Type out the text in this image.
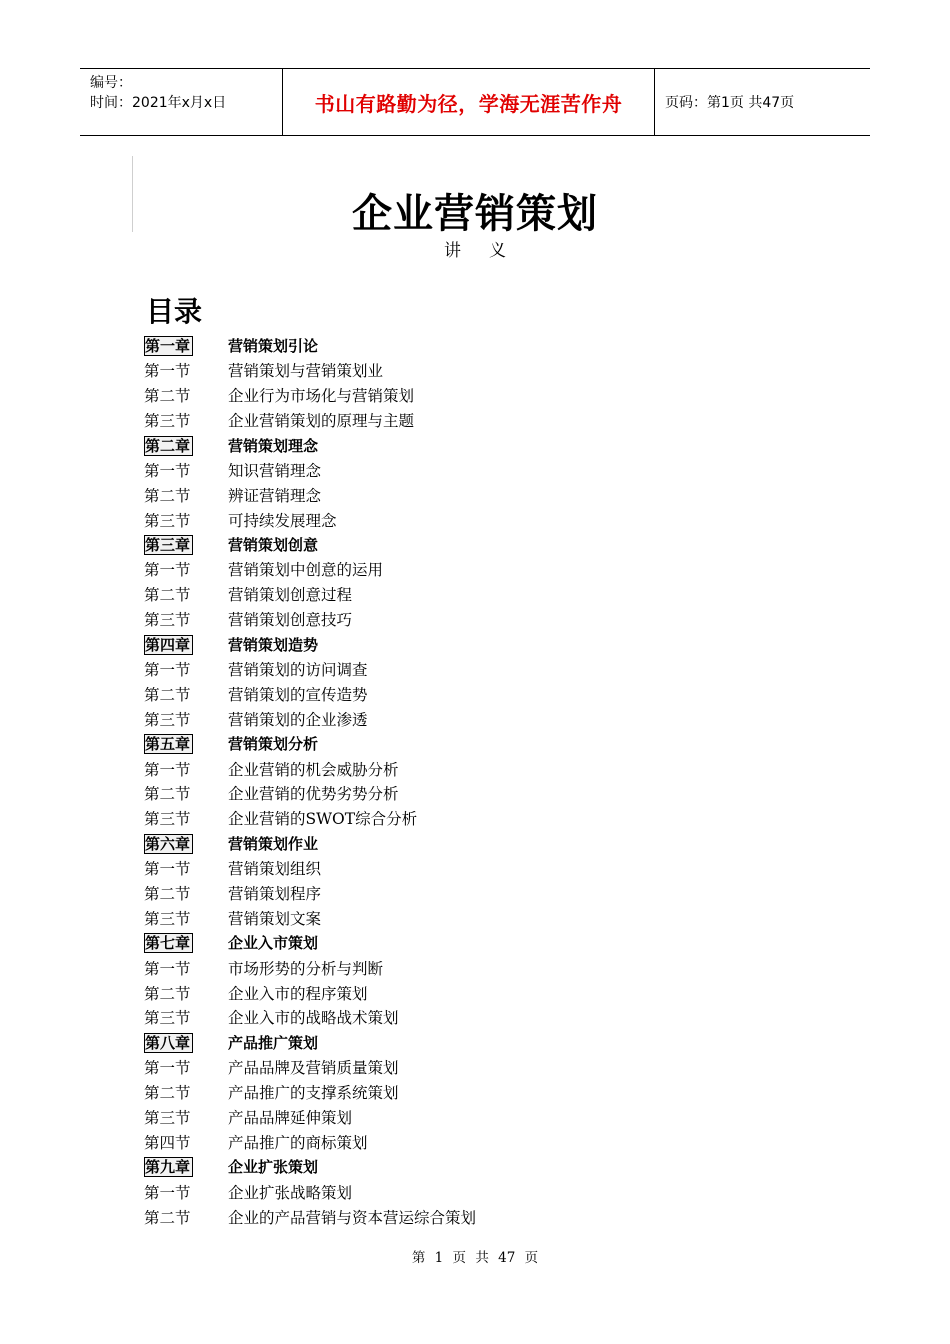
编号：
时间：2021年x月x日	书山有路勤为径，学海无涯苦作舟	页码：第1页 共47页
企业营销策划
讲义
目录
第一章	营销策划引论
第一节	营销策划与营销策划业
第二节	企业行为市场化与营销策划
第三节	企业营销策划的原理与主题
第二章	营销策划理念
第一节	知识营销理念
第二节	辨证营销理念
第三节	可持续发展理念
第三章	营销策划创意
第一节	营销策划中创意的运用
第二节	营销策划创意过程
第三节	营销策划创意技巧
第四章	营销策划造势
第一节	营销策划的访问调查
第二节	营销策划的宣传造势
第三节	营销策划的企业渗透
第五章	营销策划分析
第一节	企业营销的机会威胁分析
第二节	企业营销的优势劣势分析
第三节	企业营销的SWOT综合分析
第六章	营销策划作业
第一节	营销策划组织
第二节	营销策划程序
第三节	营销策划文案
第七章	企业入市策划
第一节	市场形势的分析与判断
第二节	企业入市的程序策划
第三节	企业入市的战略战术策划
第八章	产品推广策划
第一节	产品品牌及营销质量策划
第二节	产品推广的支撑系统策划
第三节	产品品牌延伸策划
第四节	产品推广的商标策划
第九章	企业扩张策划
第一节	企业扩张战略策划
第二节	企业的产品营销与资本营运综合策划
第 1 页 共 47 页
